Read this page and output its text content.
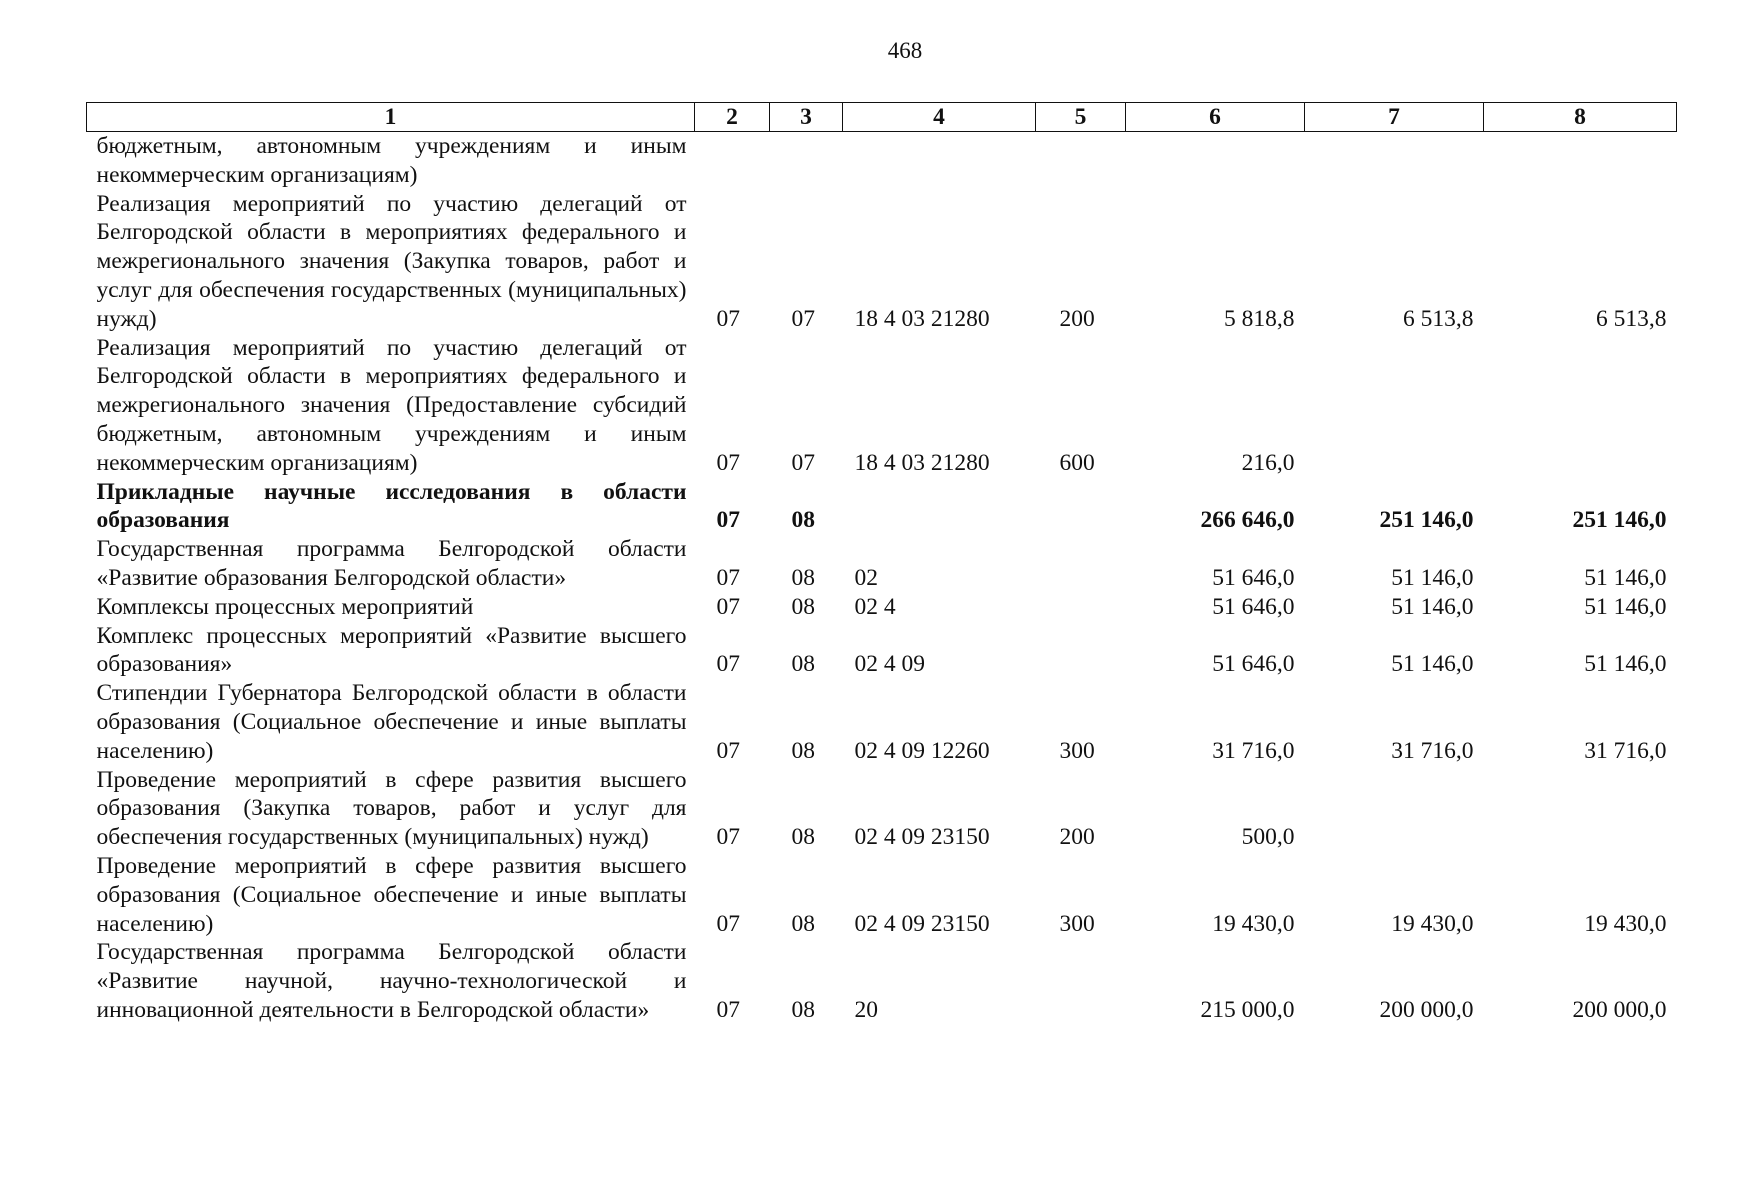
468
1	2	3	4	5	6	7	8
бюджетным, автономным учреждениям и иным некоммерческим организациям)							
Реализация мероприятий по участию делегаций от Белгородской области в мероприятиях федерального и межрегионального значения (Закупка товаров, работ и услуг для обеспечения государственных (муниципальных) нужд)	07	07	18 4 03 21280	200	5 818,8	6 513,8	6 513,8
Реализация мероприятий по участию делегаций от Белгородской области в мероприятиях федерального и межрегионального значения (Предоставление субсидий бюджетным, автономным учреждениям и иным некоммерческим организациям)	07	07	18 4 03 21280	600	216,0		
Прикладные научные исследования в области образования	07	08			266 646,0	251 146,0	251 146,0
Государственная программа Белгородской области «Развитие образования Белгородской области»	07	08	02		51 646,0	51 146,0	51 146,0
Комплексы процессных мероприятий	07	08	02 4		51 646,0	51 146,0	51 146,0
Комплекс процессных мероприятий «Развитие высшего образования»	07	08	02 4 09		51 646,0	51 146,0	51 146,0
Стипендии Губернатора Белгородской области в области образования (Социальное обеспечение и иные выплаты населению)	07	08	02 4 09 12260	300	31 716,0	31 716,0	31 716,0
Проведение мероприятий в сфере развития высшего образования (Закупка товаров, работ и услуг для обеспечения государственных (муниципальных) нужд)	07	08	02 4 09 23150	200	500,0		
Проведение мероприятий в сфере развития высшего образования (Социальное обеспечение и иные выплаты населению)	07	08	02 4 09 23150	300	19 430,0	19 430,0	19 430,0
Государственная программа Белгородской области «Развитие научной, научно-технологической и инновационной деятельности в Белгородской области»	07	08	20		215 000,0	200 000,0	200 000,0
